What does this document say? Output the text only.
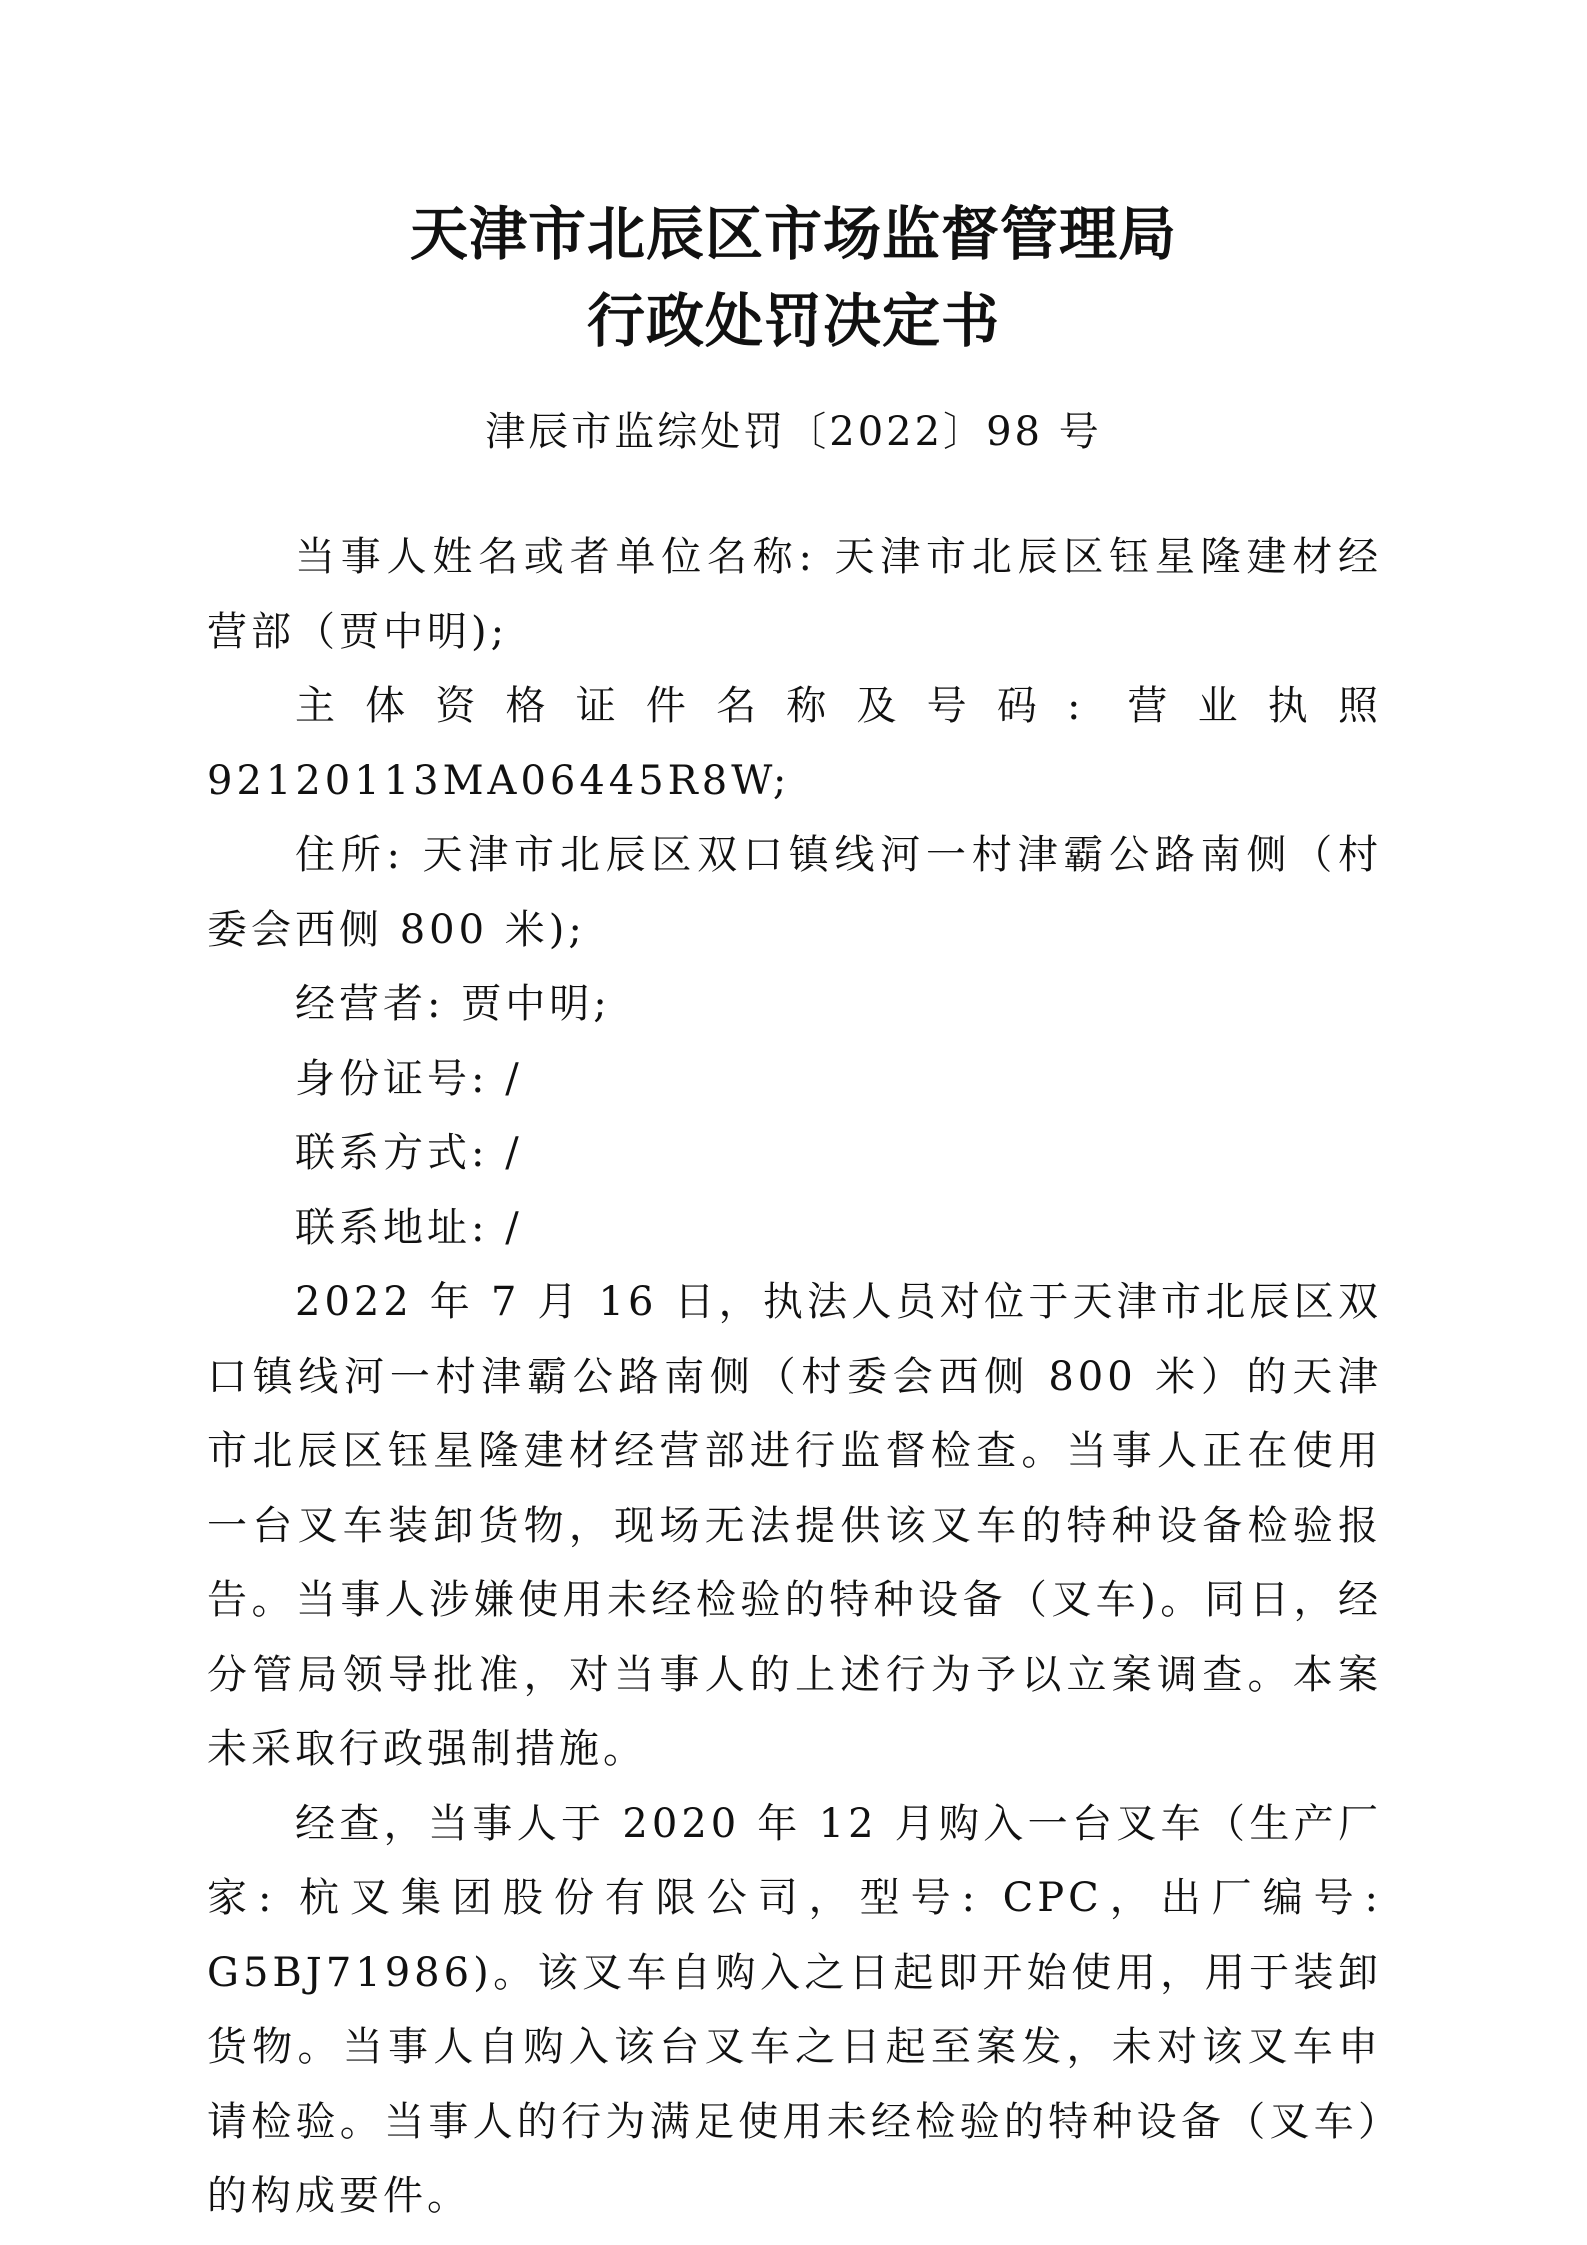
天津市北辰区市场监督管理局
行政处罚决定书
津辰市监综处罚〔2022〕98 号

当事人姓名或者单位名称: 天津市北辰区钰星隆建材经营部（贾中明);

主体资格证件名称及号码: 营业执照 92120113MA06445R8W;

住所: 天津市北辰区双口镇线河一村津霸公路南侧（村委会西侧 800 米);

经营者: 贾中明;

身份证号: /

联系方式: /

联系地址: /

2022 年 7 月 16 日，执法人员对位于天津市北辰区双口镇线河一村津霸公路南侧（村委会西侧 800 米）的天津市北辰区钰星隆建材经营部进行监督检查。当事人正在使用一台叉车装卸货物，现场无法提供该叉车的特种设备检验报告。当事人涉嫌使用未经检验的特种设备（叉车)。同日，经分管局领导批准，对当事人的上述行为予以立案调查。本案未采取行政强制措施。

经查，当事人于 2020 年 12 月购入一台叉车（生产厂家: 杭叉集团股份有限公司，型号: CPC，出厂编号: G5BJ71986)。该叉车自购入之日起即开始使用，用于装卸货物。当事人自购入该台叉车之日起至案发，未对该叉车申请检验。当事人的行为满足使用未经检验的特种设备（叉车）的构成要件。
